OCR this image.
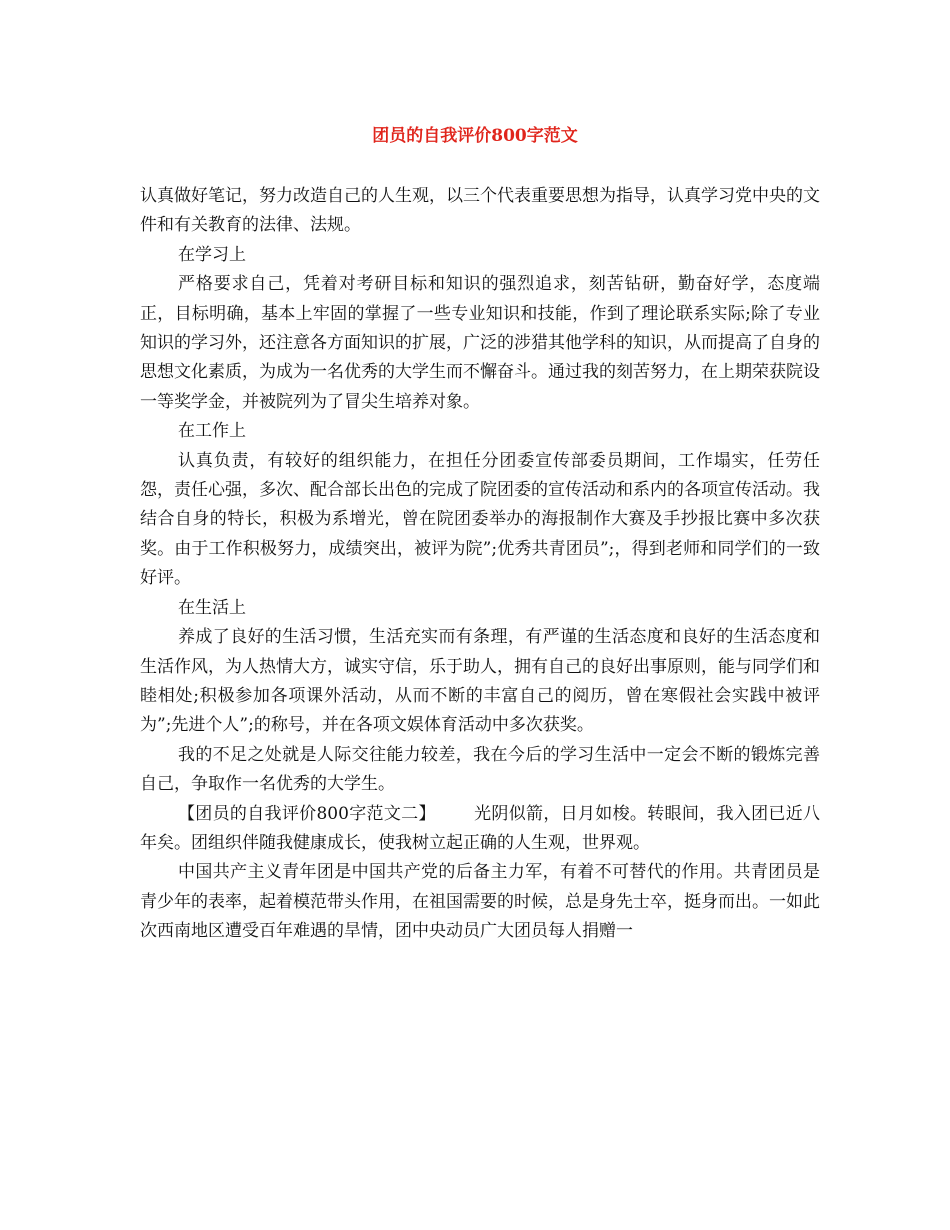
团员的自我评价800字范文

认真做好笔记，努力改造自己的人生观，以三个代表重要思想为指导，认真学习党中央的文件和有关教育的法律、法规。

在学习上

严格要求自己，凭着对考研目标和知识的强烈追求，刻苦钻研，勤奋好学，态度端正，目标明确，基本上牢固的掌握了一些专业知识和技能，作到了理论联系实际;除了专业知识的学习外，还注意各方面知识的扩展，广泛的涉猎其他学科的知识，从而提高了自身的思想文化素质，为成为一名优秀的大学生而不懈奋斗。通过我的刻苦努力，在上期荣获院设一等奖学金，并被院列为了冒尖生培养对象。

在工作上

认真负责，有较好的组织能力，在担任分团委宣传部委员期间，工作塌实，任劳任怨，责任心强，多次、配合部长出色的完成了院团委的宣传活动和系内的各项宣传活动。我结合自身的特长，积极为系增光，曾在院团委举办的海报制作大赛及手抄报比赛中多次获奖。由于工作积极努力，成绩突出，被评为院”;优秀共青团员”;，得到老师和同学们的一致好评。

在生活上

养成了良好的生活习惯，生活充实而有条理，有严谨的生活态度和良好的生活态度和生活作风，为人热情大方，诚实守信，乐于助人，拥有自己的良好出事原则，能与同学们和睦相处;积极参加各项课外活动，从而不断的丰富自己的阅历，曾在寒假社会实践中被评为”;先进个人”;的称号，并在各项文娱体育活动中多次获奖。

我的不足之处就是人际交往能力较差，我在今后的学习生活中一定会不断的锻炼完善自己，争取作一名优秀的大学生。

【团员的自我评价800字范文二】 光阴似箭，日月如梭。转眼间，我入团已近八年矣。团组织伴随我健康成长，使我树立起正确的人生观，世界观。

中国共产主义青年团是中国共产党的后备主力军，有着不可替代的作用。共青团员是青少年的表率，起着模范带头作用，在祖国需要的时候，总是身先士卒，挺身而出。一如此次西南地区遭受百年难遇的旱情，团中央动员广大团员每人捐赠一
